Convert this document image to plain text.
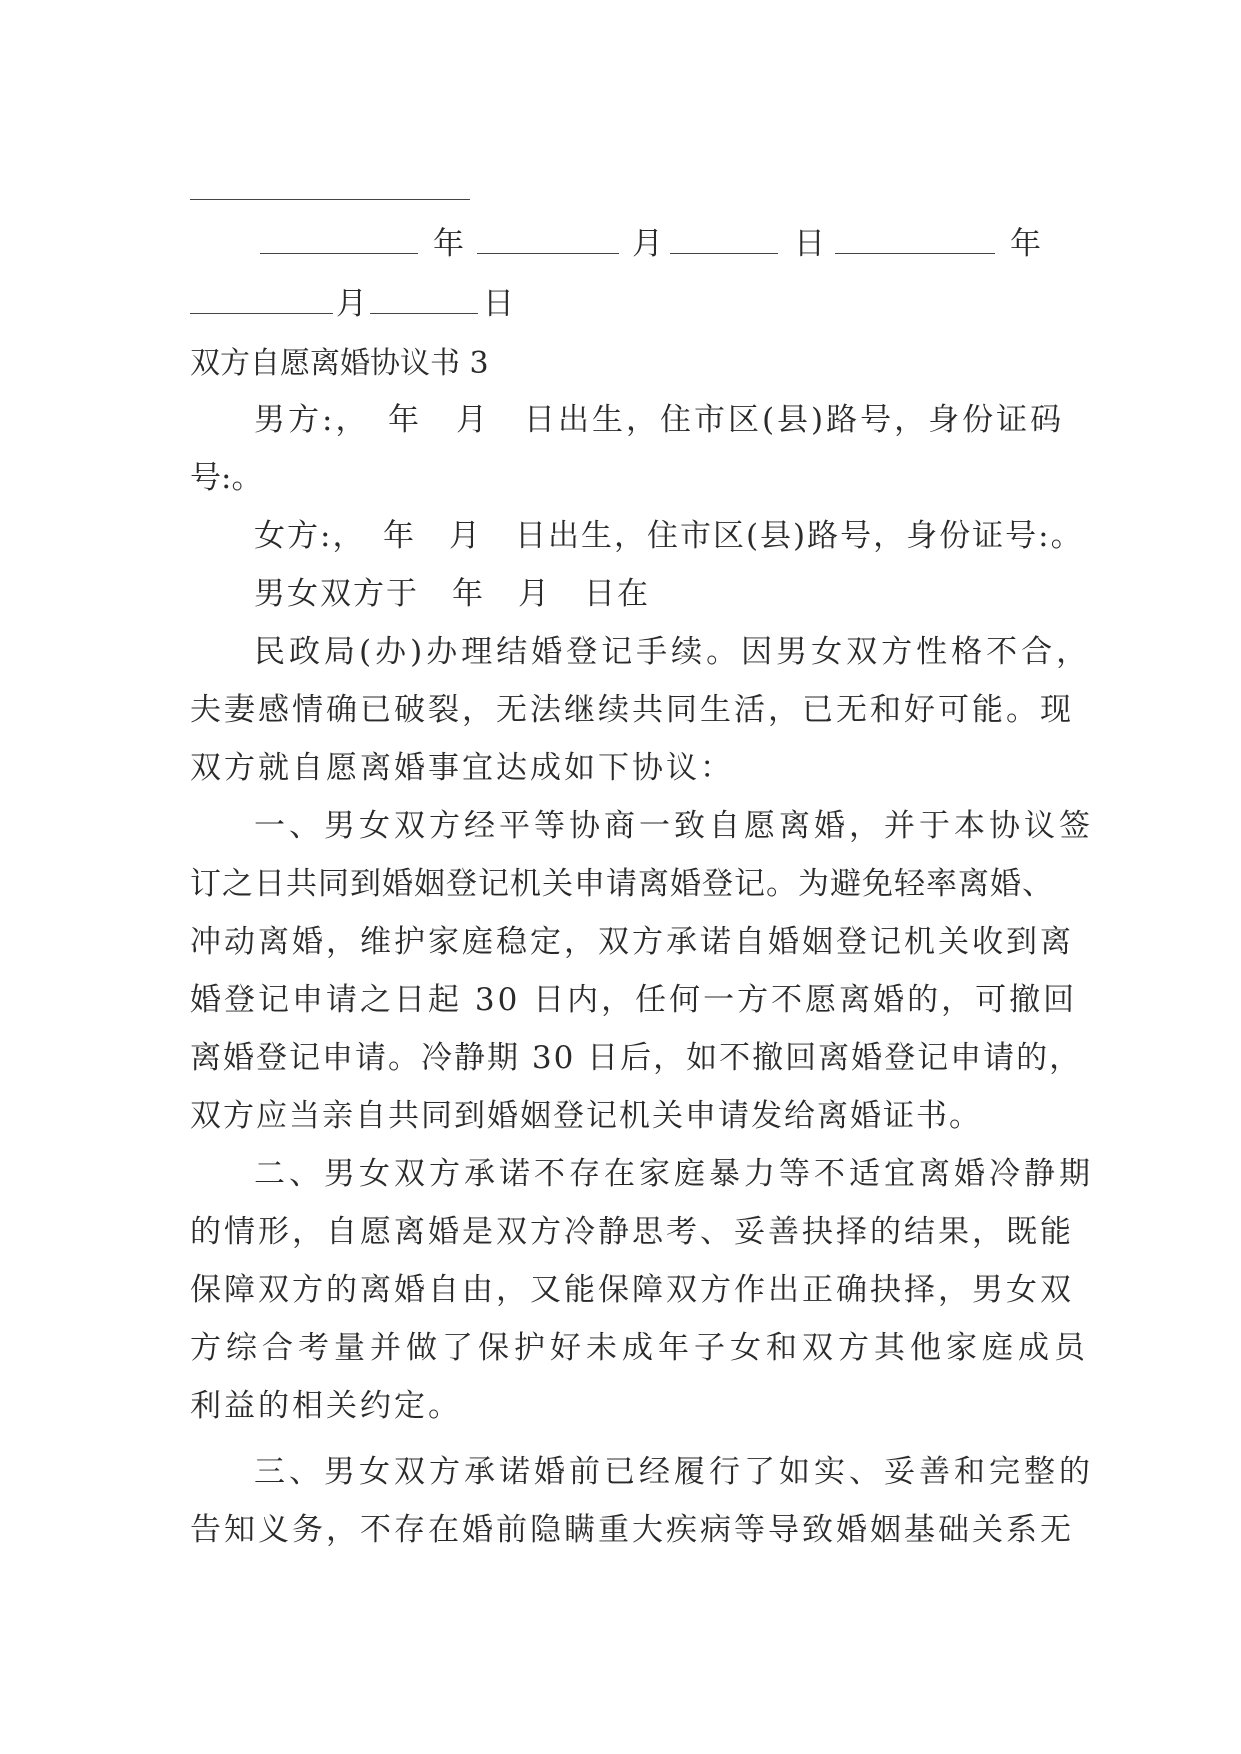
年	月	日	年
月	日
双方自愿离婚协议书 3
男方:，　年　月　日出生，住市区(县)路号，身份证码
号:。
女方:，　年　月　日出生，住市区(县)路号，身份证号:。
男女双方于　年　月　日在
民政局(办)办理结婚登记手续。因男女双方性格不合，
夫妻感情确已破裂，无法继续共同生活，已无和好可能。现
双方就自愿离婚事宜达成如下协议：
一、男女双方经平等协商一致自愿离婚，并于本协议签
订之日共同到婚姻登记机关申请离婚登记。为避免轻率离婚、
冲动离婚，维护家庭稳定，双方承诺自婚姻登记机关收到离
婚登记申请之日起 30 日内，任何一方不愿离婚的，可撤回
离婚登记申请。冷静期 30 日后，如不撤回离婚登记申请的，
双方应当亲自共同到婚姻登记机关申请发给离婚证书。
二、男女双方承诺不存在家庭暴力等不适宜离婚冷静期
的情形，自愿离婚是双方冷静思考、妥善抉择的结果，既能
保障双方的离婚自由，又能保障双方作出正确抉择，男女双
方综合考量并做了保护好未成年子女和双方其他家庭成员
利益的相关约定。
三、男女双方承诺婚前已经履行了如实、妥善和完整的
告知义务，不存在婚前隐瞒重大疾病等导致婚姻基础关系无
